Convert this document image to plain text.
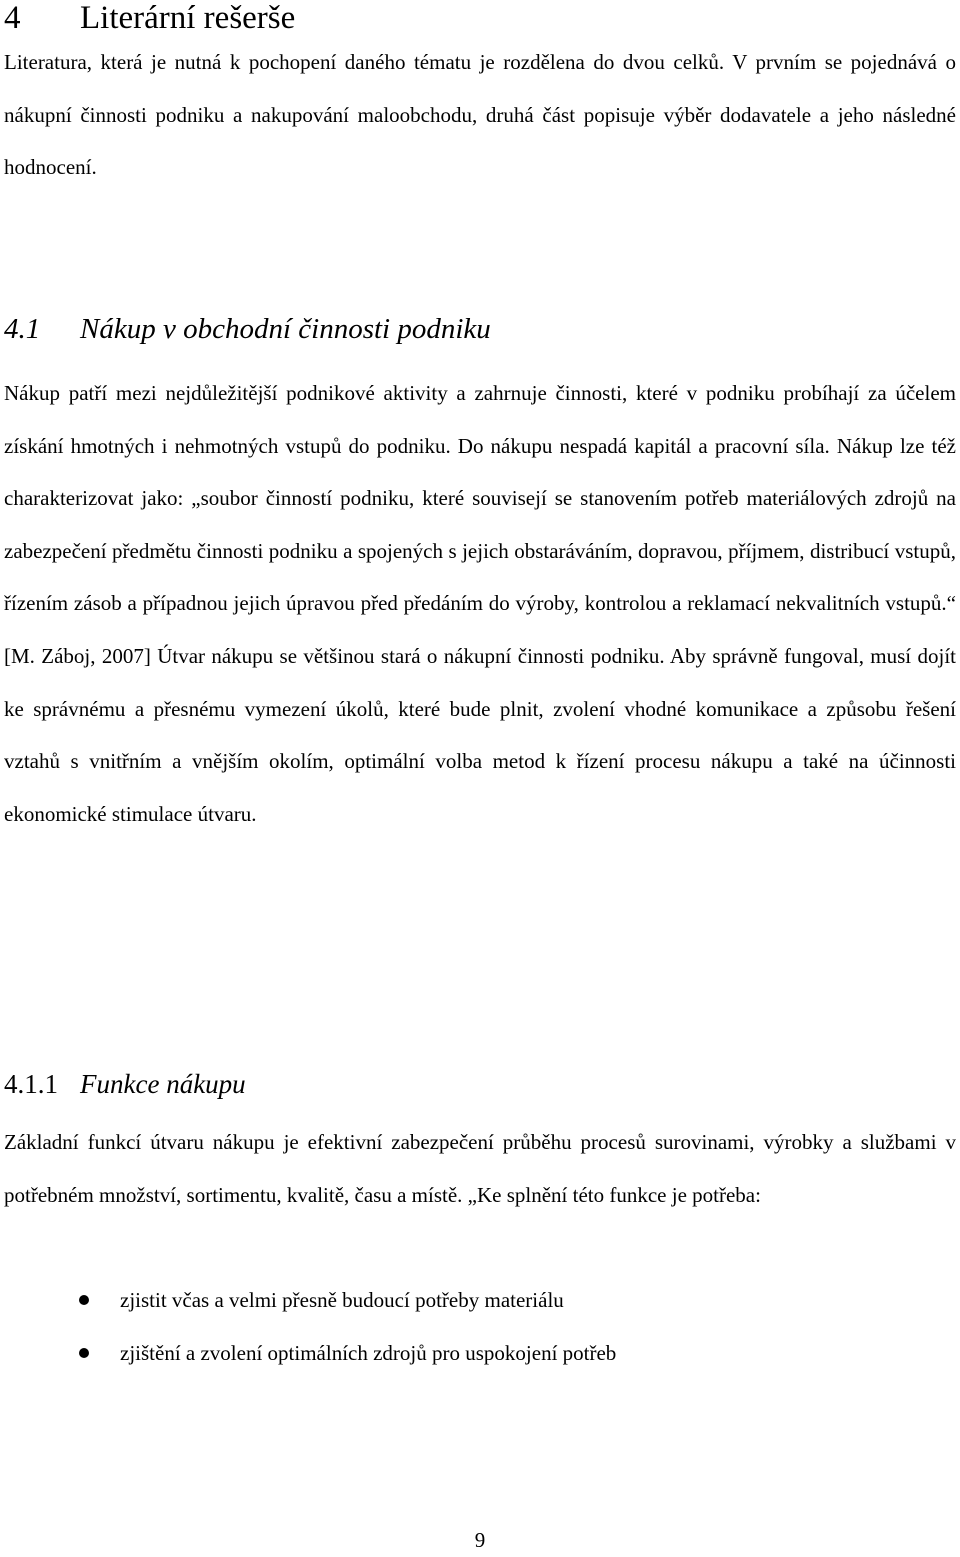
4 Literární rešerše

Literatura, která je nutná k pochopení daného tématu je rozdělena do dvou celků. V prvním se pojednává o nákupní činnosti podniku a nakupování maloobchodu, druhá část popisuje výběr dodavatele a jeho následné hodnocení.

4.1 Nákup v obchodní činnosti podniku

Nákup patří mezi nejdůležitější podnikové aktivity a zahrnuje činnosti, které v podniku probíhají za účelem získání hmotných i nehmotných vstupů do podniku. Do nákupu nespadá kapitál a pracovní síla. Nákup lze též charakterizovat jako: „soubor činností podniku, které souvisejí se stanovením potřeb materiálových zdrojů na zabezpečení předmětu činnosti podniku a spojených s jejich obstaráváním, dopravou, příjmem, distribucí vstupů, řízením zásob a případnou jejich úpravou před předáním do výroby, kontrolou a reklamací nekvalitních vstupů.“ [M. Záboj, 2007] Útvar nákupu se většinou stará o nákupní činnosti podniku. Aby správně fungoval, musí dojít ke správnému a přesnému vymezení úkolů, které bude plnit, zvolení vhodné komunikace a způsobu řešení vztahů s vnitřním a vnějším okolím, optimální volba metod k řízení procesu nákupu a také na účinnosti ekonomické stimulace útvaru.

4.1.1 Funkce nákupu

Základní funkcí útvaru nákupu je efektivní zabezpečení průběhu procesů surovinami, výrobky a službami v potřebném množství, sortimentu, kvalitě, času a místě. „Ke splnění této funkce je potřeba:

zjistit včas a velmi přesně budoucí potřeby materiálu
zjištění a zvolení optimálních zdrojů pro uspokojení potřeb
9
